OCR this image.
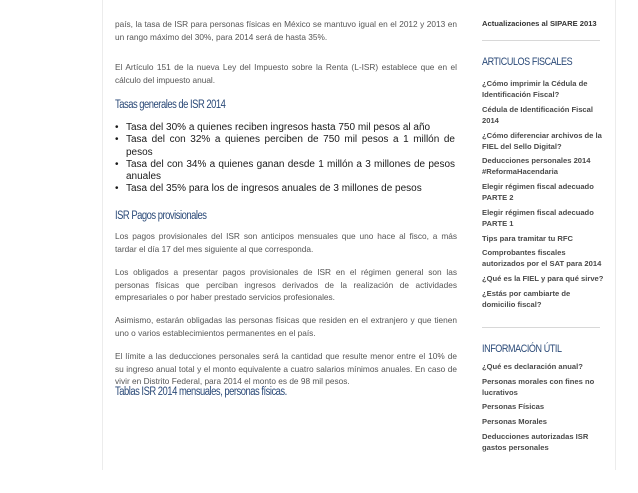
país, la tasa de ISR para personas físicas en México se mantuvo igual en el 2012 y 2013 en un rango máximo del 30%, para 2014 será de hasta 35%.

El Artículo 151 de la nueva Ley del Impuesto sobre la Renta (L-ISR) establece que en el cálculo del impuesto anual.

Tasas generales de ISR 2014
• Tasa del 30% a quienes reciben ingresos hasta 750 mil pesos al año
• Tasa del con 32% a quienes perciben de 750 mil pesos a 1 millón de pesos
• Tasa del con 34% a quienes ganan desde 1 millón a 3 millones de pesos anuales
• Tasa del 35% para los de ingresos anuales de 3 millones de pesos
ISR Pagos provisionales

Los pagos provisionales del ISR son anticipos mensuales que uno hace al fisco, a más tardar el día 17 del mes siguiente al que corresponda.

Los obligados a presentar pagos provisionales de ISR en el régimen general son las personas físicas que perciban ingresos derivados de la realización de actividades empresariales o por haber prestado servicios profesionales.

Asimismo, estarán obligadas las personas físicas que residen en el extranjero y que tienen uno o varios establecimientos permanentes en el país.

El límite a las deducciones personales será la cantidad que resulte menor entre el 10% de su ingreso anual total y el monto equivalente a cuatro salarios mínimos anuales. En caso de vivir en Distrito Federal, para 2014 el monto es de 98 mil pesos.

Tablas ISR 2014 mensuales, personas físicas.
Actualizaciones al SIPARE 2013
ARTICULOS FISCALES
¿Cómo imprimir la Cédula de Identificación Fiscal?
Cédula de Identificación Fiscal 2014
¿Cómo diferenciar archivos de la FIEL del Sello Digital?
Deducciones personales 2014 #ReformaHacendaria
Elegir régimen fiscal adecuado PARTE 2
Elegir régimen fiscal adecuado PARTE 1
Tips para tramitar tu RFC
Comprobantes fiscales autorizados por el SAT para 2014
¿Qué es la FIEL y para qué sirve?
¿Estás por cambiarte de domicilio fiscal?
INFORMACIÓN ÚTIL
¿Qué es declaración anual?
Personas morales con fines no lucrativos
Personas Físicas
Personas Morales
Deducciones autorizadas ISR gastos personales
